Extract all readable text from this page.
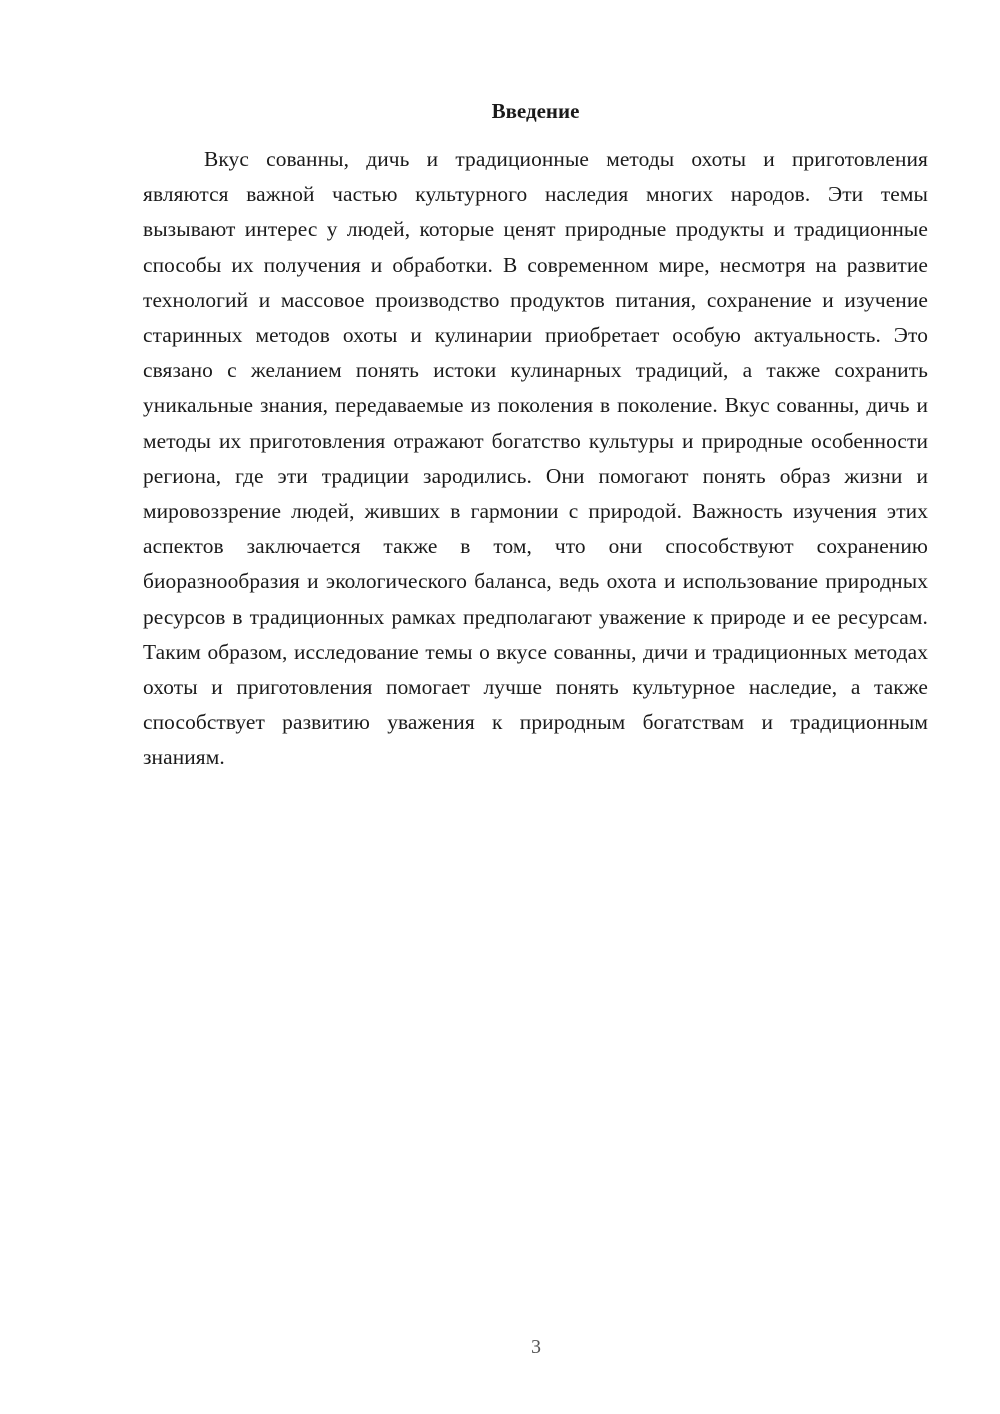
Введение

Вкус сованны, дичь и традиционные методы охоты и приготовления являются важной частью культурного наследия многих народов. Эти темы вызывают интерес у людей, которые ценят природные продукты и традиционные способы их получения и обработки. В современном мире, несмотря на развитие технологий и массовое производство продуктов питания, сохранение и изучение старинных методов охоты и кулинарии приобретает особую актуальность. Это связано с желанием понять истоки кулинарных традиций, а также сохранить уникальные знания, передаваемые из поколения в поколение. Вкус сованны, дичь и методы их приготовления отражают богатство культуры и природные особенности региона, где эти традиции зародились. Они помогают понять образ жизни и мировоззрение людей, живших в гармонии с природой. Важность изучения этих аспектов заключается также в том, что они способствуют сохранению биоразнообразия и экологического баланса, ведь охота и использование природных ресурсов в традиционных рамках предполагают уважение к природе и ее ресурсам. Таким образом, исследование темы о вкусе сованны, дичи и традиционных методах охоты и приготовления помогает лучше понять культурное наследие, а также способствует развитию уважения к природным богатствам и традиционным знаниям.

3
